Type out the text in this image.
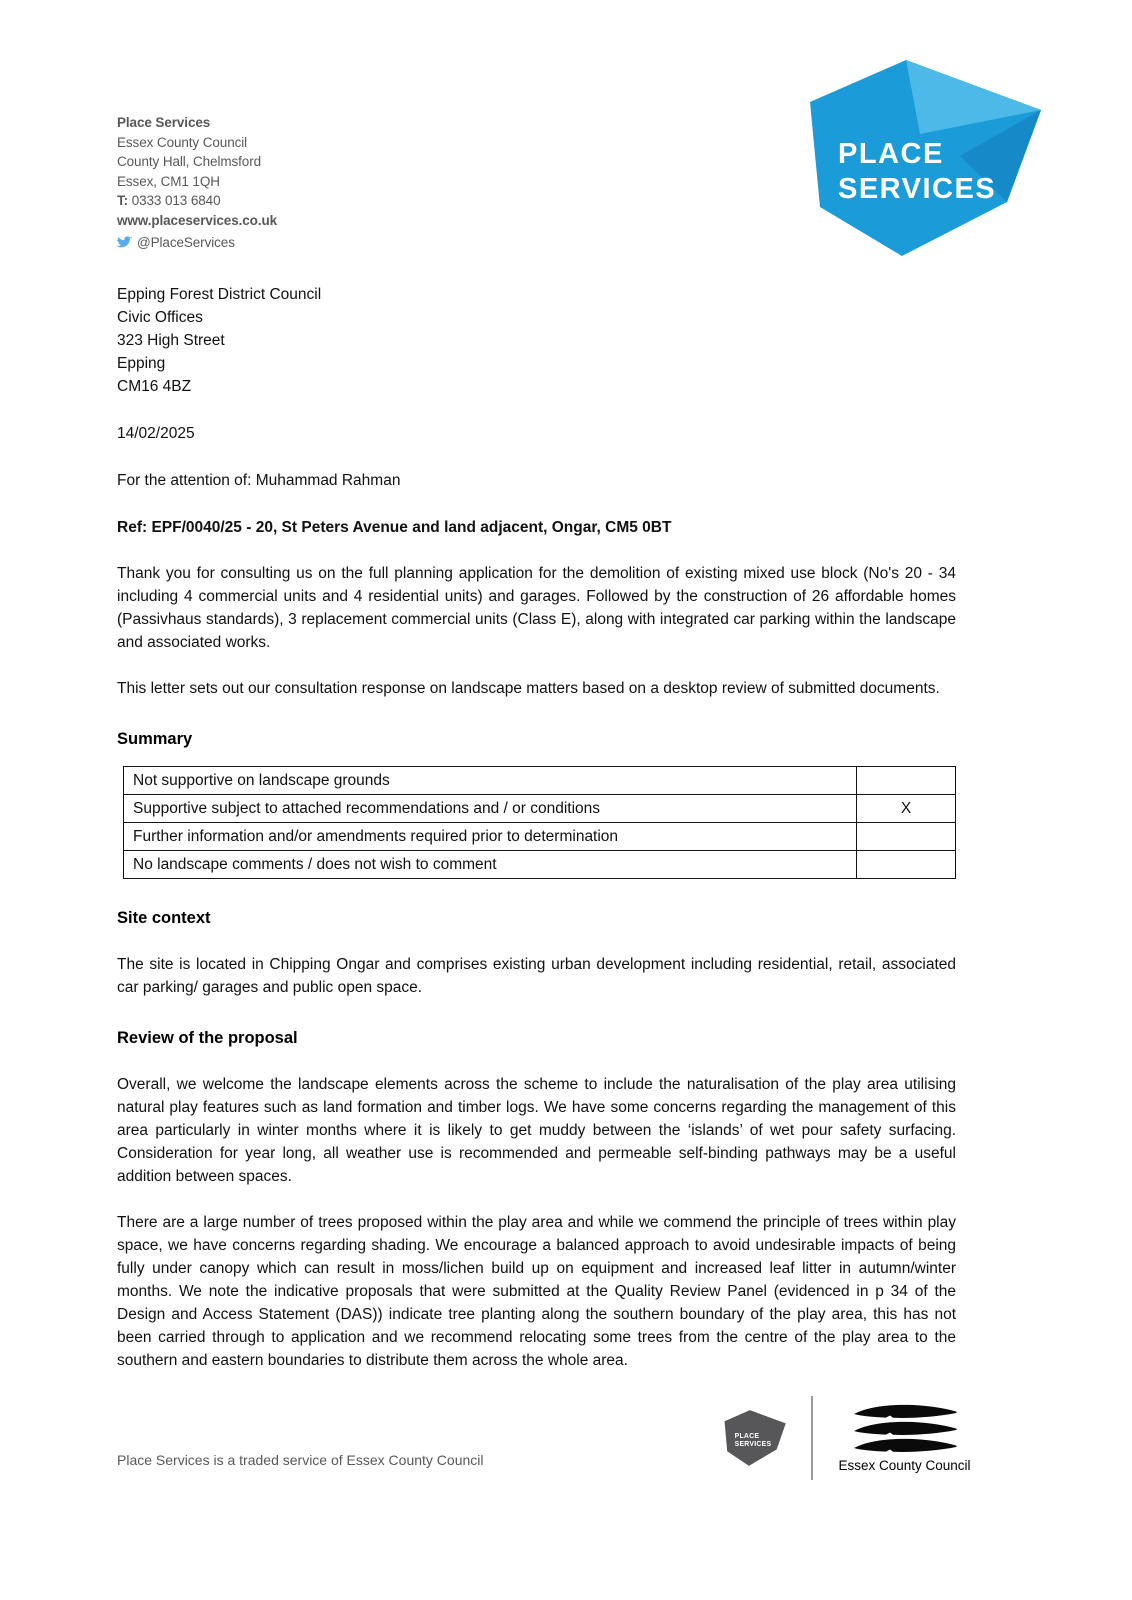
Place Services
Essex County Council
County Hall, Chelmsford
Essex, CM1 1QH
T: 0333 013 6840
www.placeservices.co.uk
@PlaceServices
PLACE
SERVICES
Epping Forest District Council
Civic Offices
323 High Street
Epping
CM16 4BZ
14/02/2025
For the attention of: Muhammad Rahman
Ref: EPF/0040/25 - 20, St Peters Avenue and land adjacent, Ongar, CM5 0BT

Thank you for consulting us on the full planning application for the demolition of existing mixed use block (No's 20 - 34 including 4 commercial units and 4 residential units) and garages. Followed by the construction of 26 affordable homes (Passivhaus standards), 3 replacement commercial units (Class E), along with integrated car parking within the landscape and associated works.

This letter sets out our consultation response on landscape matters based on a desktop review of submitted documents.

Summary
Not supportive on landscape grounds	
Supportive subject to attached recommendations and / or conditions	X
Further information and/or amendments required prior to determination	
No landscape comments / does not wish to comment	
Site context

The site is located in Chipping Ongar and comprises existing urban development including residential, retail, associated car parking/ garages and public open space.

Review of the proposal

Overall, we welcome the landscape elements across the scheme to include the naturalisation of the play area utilising natural play features such as land formation and timber logs. We have some concerns regarding the management of this area particularly in winter months where it is likely to get muddy between the ‘islands’ of wet pour safety surfacing. Consideration for year long, all weather use is recommended and permeable self-binding pathways may be a useful addition between spaces.

There are a large number of trees proposed within the play area and while we commend the principle of trees within play space, we have concerns regarding shading. We encourage a balanced approach to avoid undesirable impacts of being fully under canopy which can result in moss/lichen build up on equipment and increased leaf litter in autumn/winter months. We note the indicative proposals that were submitted at the Quality Review Panel (evidenced in p 34 of the Design and Access Statement (DAS)) indicate tree planting along the southern boundary of the play area, this has not been carried through to application and we recommend relocating some trees from the centre of the play area to the southern and eastern boundaries to distribute them across the whole area.

Place Services is a traded service of Essex County Council
PLACE
SERVICES
Essex County Council
